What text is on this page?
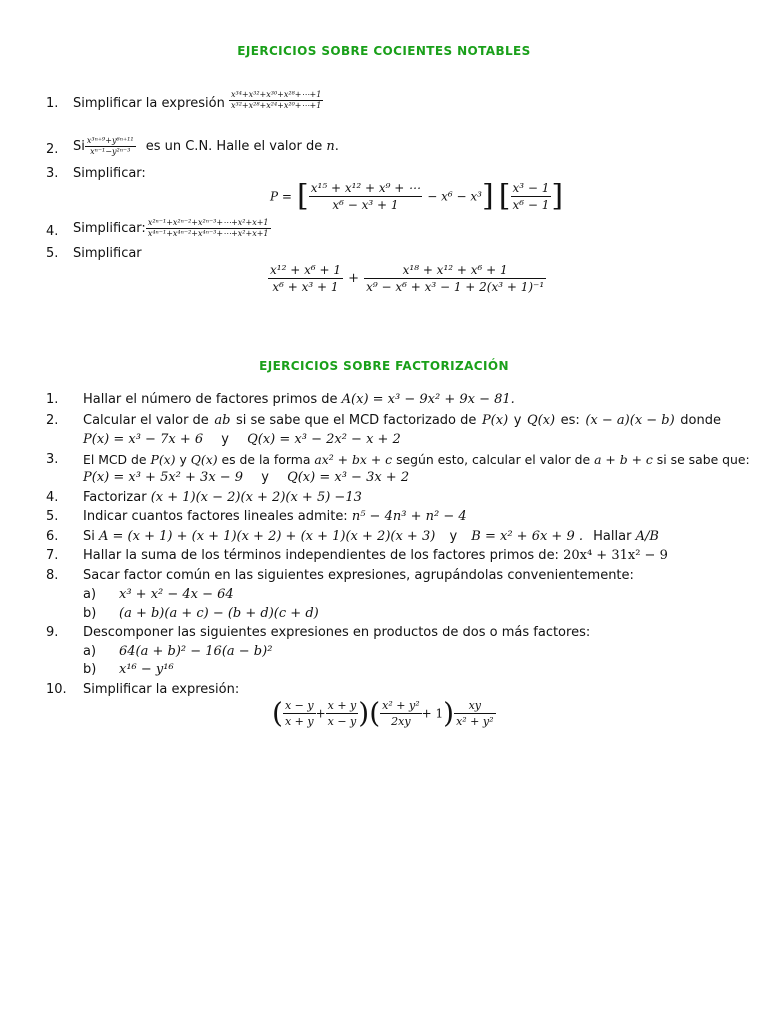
EJERCICIOS SOBRE COCIENTES NOTABLES
1. Simplificar la expresión $\frac{\text{x³⁴+x³²+x³⁰+x²⁸+⋯+1}}{\text{x³²+x²⁸+x²⁴+x²⁰+⋯+1}}$
2. Si $\frac{\text{x³ⁿ⁺⁹+y⁶ⁿ⁺¹¹}}{\text{xⁿ⁻¹−y²ⁿ⁻³}}$ es un C.N. Halle el valor de n.
3. Simplificar:
P = [ $\frac{\text{x¹⁵ + x¹² + x⁹ + ⋯}}{\text{x⁶ − x³ + 1}} - x^6 - x^3$] [ $\frac{\text{x³ − 1}}{\text{x⁶ − 1}}$ ]
4. Simplificar: $\frac{\text{x²ⁿ⁻¹+x²ⁿ⁻²+x²ⁿ⁻³+⋯+x²+x+1}}{\text{x⁴ⁿ⁻¹+x⁴ⁿ⁻²+x⁴ⁿ⁻³+⋯+x²+x+1}}$
5. Simplificar
$\frac{\text{x¹² + x⁶ + 1}}{\text{x⁶ + x³ + 1}} + \frac{\text{x¹⁸ + x¹² + x⁶ + 1}}{\text{x⁹ − x⁶ + x³ − 1 + 2(x³ + 1)⁻¹}}$
EJERCICIOS SOBRE FACTORIZACIÓN
1. Hallar el número de factores primos de A(x) = x³ − 9x² + 9x − 81.
2. Calcular el valor de ab si se sabe que el MCD factorizado de P(x) y Q(x) es: (x − a)(x − b) donde
P(x) = x³ − 7x + 6 y Q(x) = x³ − 2x² − x + 2
3. El MCD de P(x) y Q(x) es de la forma ax² + bx + c según esto, calcular el valor de a + b + c si se sabe que:
P(x) = x³ + 5x² + 3x − 9 y Q(x) = x³ − 3x + 2
4. Factorizar (x + 1)(x − 2)(x + 2)(x + 5) −13
5. Indicar cuantos factores lineales admite: n⁵ − 4n³ + n² − 4
6. Si A = (x + 1) + (x + 1)(x + 2) + (x + 1)(x + 2)(x + 3) y B = x² + 6x + 9 . Hallar A/B
7. Hallar la suma de los términos independientes de los factores primos de: 20x⁴ + 31x² − 9
8. Sacar factor común en las siguientes expresiones, agrupándolas convenientemente:
a) x³ + x² − 4x − 64
b) (a + b)(a + c) − (b + d)(c + d)
9. Descomponer las siguientes expresiones en productos de dos o más factores:
a) 64(a + b)² − 16(a − b)²
b) x¹⁶ − y¹⁶
10. Simplificar la expresión:
( $\frac{x - y}{x + y} + \frac{x + y}{x - y}$ )( $\frac{\text{x² + y²}}{2xy} + 1) \frac{xy}{\text{x² + y²}}$
